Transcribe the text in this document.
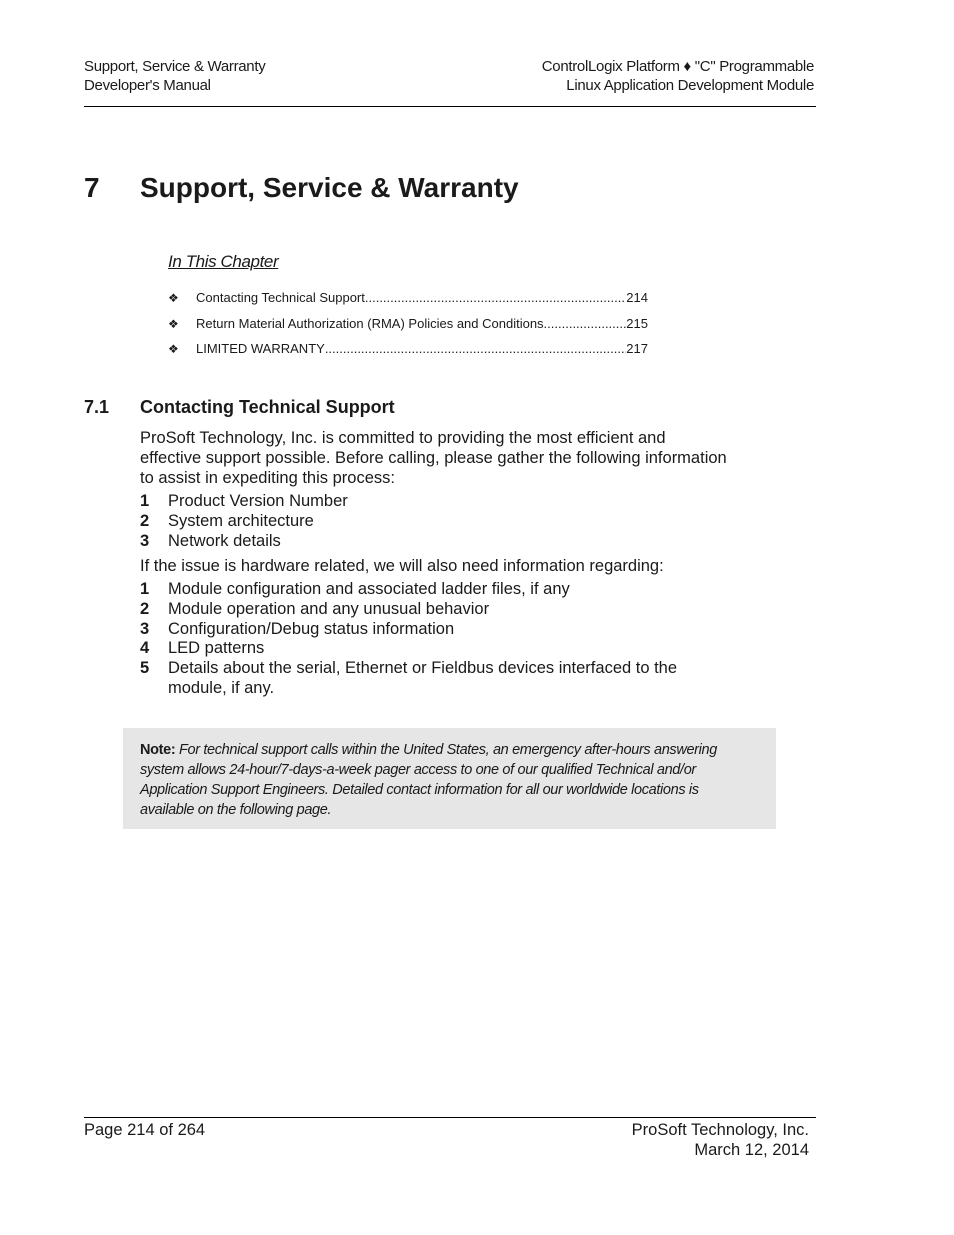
Support, Service & Warranty
Developer's Manual
ControlLogix Platform ♦ "C" Programmable
Linux Application Development Module
7 Support, Service & Warranty
In This Chapter
❖ Contacting Technical Support .....	214
❖ Return Material Authorization (RMA) Policies and Conditions .....	215
❖ LIMITED WARRANTY .....	217
7.1 Contacting Technical Support
ProSoft Technology, Inc. is committed to providing the most efficient and
effective support possible. Before calling, please gather the following information
to assist in expediting this process:
1 Product Version Number
2 System architecture
3 Network details
If the issue is hardware related, we will also need information regarding:
1 Module configuration and associated ladder files, if any
2 Module operation and any unusual behavior
3 Configuration/Debug status information
4 LED patterns
5 Details about the serial, Ethernet or Fieldbus devices interfaced to the module, if any.
Note: For technical support calls within the United States, an emergency after-hours answering
system allows 24-hour/7-days-a-week pager access to one of our qualified Technical and/or
Application Support Engineers. Detailed contact information for all our worldwide locations is
available on the following page.
Page 214 of 264	ProSoft Technology, Inc.
March 12, 2014
